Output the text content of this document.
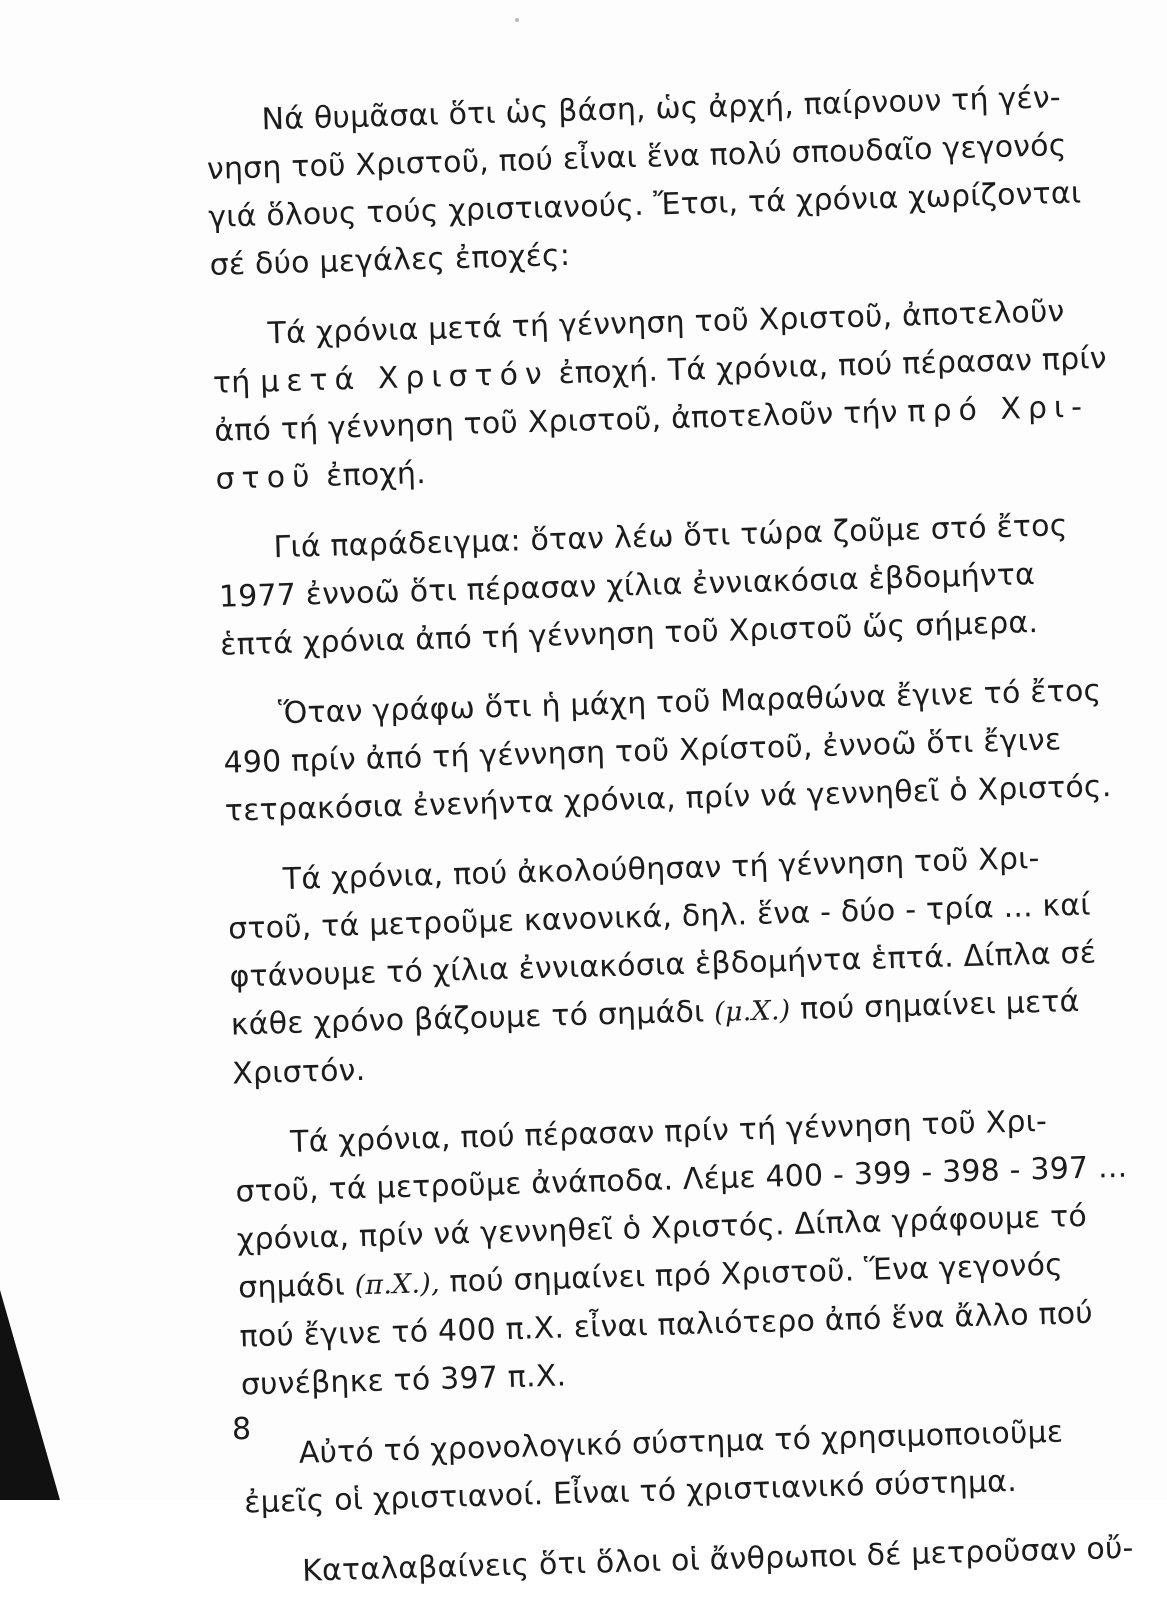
Νά θυμᾶσαι ὅτι ὡς βάση, ὡς ἀρχή, παίρνουν τή γέν-
νηση τοῦ Χριστοῦ, πού εἶναι ἕνα πολύ σπουδαῖο γεγονός
γιά ὅλους τούς χριστιανούς. Ἔτσι, τά χρόνια χωρίζονται
σέ δύο μεγάλες ἐποχές:
Τά χρόνια μετά τή γέννηση τοῦ Χριστοῦ, ἀποτελοῦν
τή μετά Χριστόν ἐποχή. Τά χρόνια, πού πέρασαν πρίν
ἀπό τή γέννηση τοῦ Χριστοῦ, ἀποτελοῦν τήν πρό Χρι-
στοῦ ἐποχή.
Γιά παράδειγμα: ὅταν λέω ὅτι τώρα ζοῦμε στό ἔτος
1977 ἐννοῶ ὅτι πέρασαν χίλια ἐννιακόσια ἑβδομήντα
ἑπτά χρόνια ἀπό τή γέννηση τοῦ Χριστοῦ ὥς σήμερα.
Ὅταν γράφω ὅτι ἡ μάχη τοῦ Μαραθώνα ἔγινε τό ἔτος
490 πρίν ἀπό τή γέννηση τοῦ Χρίστοῦ, ἐννοῶ ὅτι ἔγινε
τετρακόσια ἐνενήντα χρόνια, πρίν νά γεννηθεῖ ὁ Χριστός.
Τά χρόνια, πού ἀκολούθησαν τή γέννηση τοῦ Χρι-
στοῦ, τά μετροῦμε κανονικά, δηλ. ἕνα - δύο - τρία ... καί
φτάνουμε τό χίλια ἐννιακόσια ἑβδομήντα ἑπτά. Δίπλα σέ
κάθε χρόνο βάζουμε τό σημάδι (μ.Χ.) πού σημαίνει μετά
Χριστόν.
Τά χρόνια, πού πέρασαν πρίν τή γέννηση τοῦ Χρι-
στοῦ, τά μετροῦμε ἀνάποδα. Λέμε 400 - 399 - 398 - 397 ...
χρόνια, πρίν νά γεννηθεῖ ὁ Χριστός. Δίπλα γράφουμε τό
σημάδι (π.Χ.), πού σημαίνει πρό Χριστοῦ. Ἕνα γεγονός
πού ἔγινε τό 400 π.Χ. εἶναι παλιότερο ἀπό ἕνα ἄλλο πού
συνέβηκε τό 397 π.Χ.
Αὐτό τό χρονολογικό σύστημα τό χρησιμοποιοῦμε
ἐμεῖς οἱ χριστιανοί. Εἶναι τό χριστιανικό σύστημα.
Καταλαβαίνεις ὅτι ὅλοι οἱ ἄνθρωποι δέ μετροῦσαν οὔ-
8
